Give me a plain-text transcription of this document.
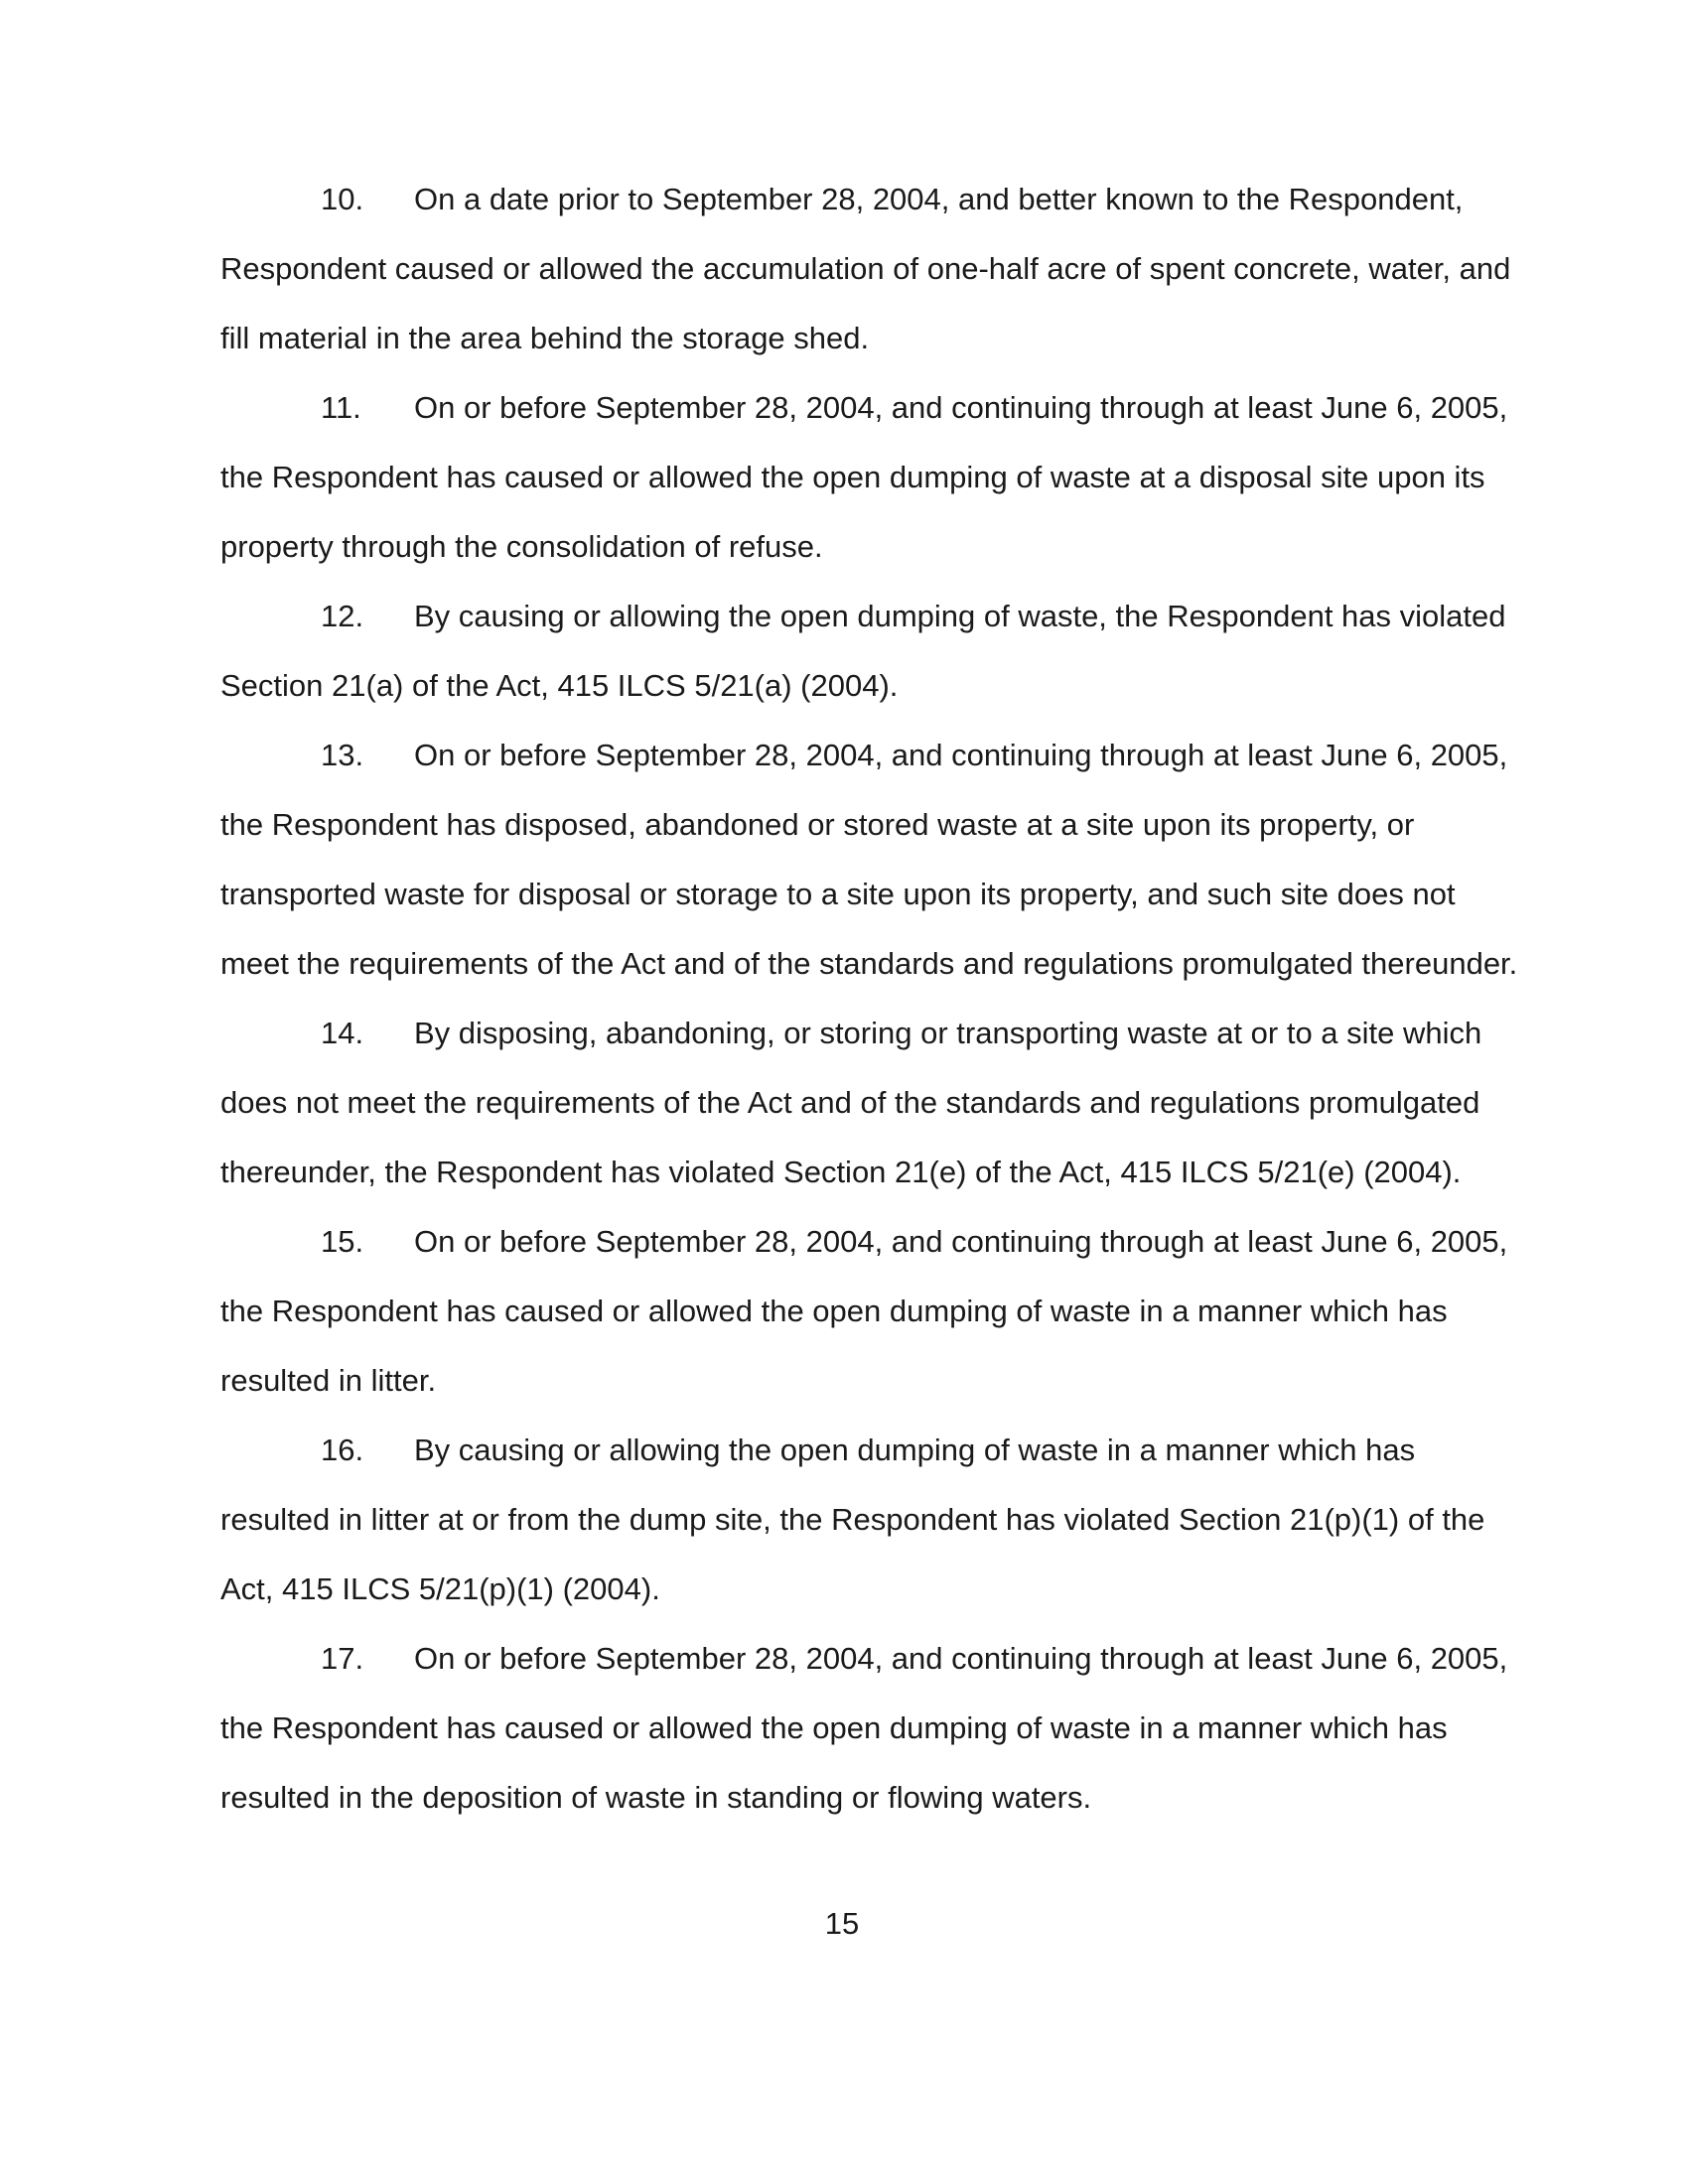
10. On a date prior to September 28, 2004, and better known to the Respondent,
Respondent caused or allowed the accumulation of one-half acre of spent concrete, water, and
fill material in the area behind the storage shed.
11. On or before September 28, 2004, and continuing through at least June 6, 2005,
the Respondent has caused or allowed the open dumping of waste at a disposal site upon its
property through the consolidation of refuse.
12. By causing or allowing the open dumping of waste, the Respondent has violated
Section 21(a) of the Act, 415 ILCS 5/21(a) (2004).
13. On or before September 28, 2004, and continuing through at least June 6, 2005,
the Respondent has disposed, abandoned or stored waste at a site upon its property, or
transported waste for disposal or storage to a site upon its property, and such site does not
meet the requirements of the Act and of the standards and regulations promulgated thereunder.
14. By disposing, abandoning, or storing or transporting waste at or to a site which
does not meet the requirements of the Act and of the standards and regulations promulgated
thereunder, the Respondent has violated Section 21(e) of the Act, 415 ILCS 5/21(e) (2004).
15. On or before September 28, 2004, and continuing through at least June 6, 2005,
the Respondent has caused or allowed the open dumping of waste in a manner which has
resulted in litter.
16. By causing or allowing the open dumping of waste in a manner which has
resulted in litter at or from the dump site, the Respondent has violated Section 21(p)(1) of the
Act, 415 ILCS 5/21(p)(1) (2004).
17. On or before September 28, 2004, and continuing through at least June 6, 2005,
the Respondent has caused or allowed the open dumping of waste in a manner which has
resulted in the deposition of waste in standing or flowing waters.
15
